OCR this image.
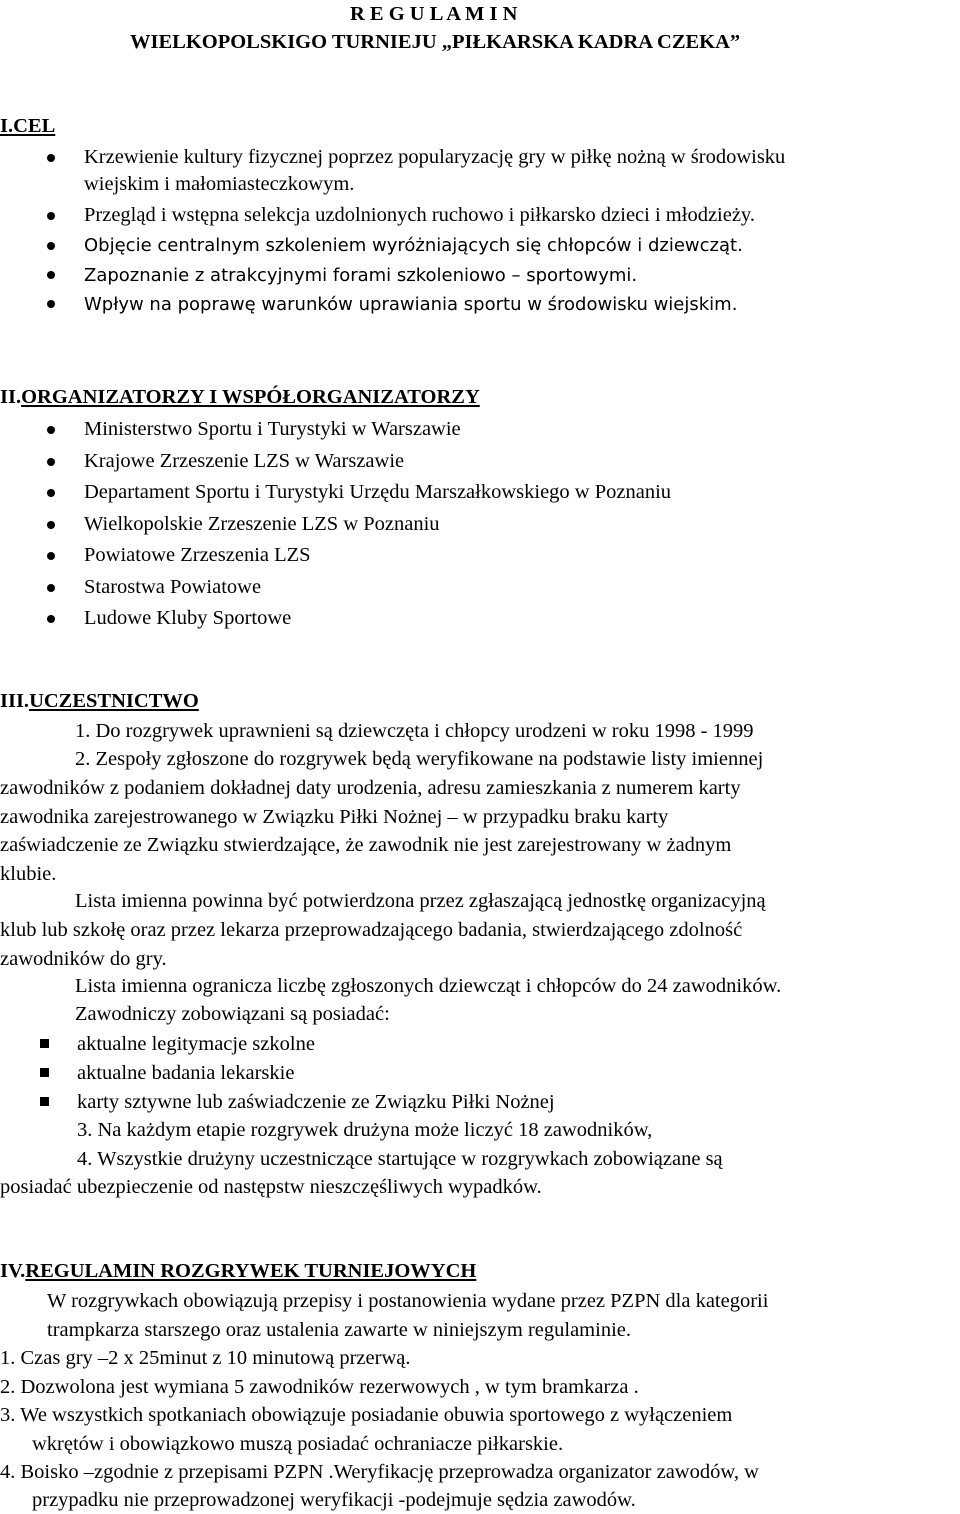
R E G U L A M I N
WIELKOPOLSKIGO TURNIEJU „PIŁKARSKA KADRA CZEKA”
I.CEL
Krzewienie kultury fizycznej poprzez popularyzację gry w piłkę nożną w środowisku
wiejskim i małomiasteczkowym.
Przegląd i wstępna selekcja uzdolnionych ruchowo i piłkarsko dzieci i młodzieży.
Objęcie centralnym szkoleniem wyróżniających się chłopców i dziewcząt.
Zapoznanie z atrakcyjnymi forami szkoleniowo – sportowymi.
Wpływ na poprawę warunków uprawiania sportu w środowisku wiejskim.
II.ORGANIZATORZY I WSPÓŁORGANIZATORZY
Ministerstwo Sportu i Turystyki w Warszawie
Krajowe Zrzeszenie LZS w Warszawie
Departament Sportu i Turystyki Urzędu Marszałkowskiego w Poznaniu
Wielkopolskie Zrzeszenie LZS w Poznaniu
Powiatowe Zrzeszenia LZS
Starostwa Powiatowe
Ludowe Kluby Sportowe
III.UCZESTNICTWO
1. Do rozgrywek uprawnieni są dziewczęta i chłopcy urodzeni w roku 1998 - 1999
2. Zespoły zgłoszone do rozgrywek będą weryfikowane na podstawie listy imiennej
zawodników z podaniem dokładnej daty urodzenia, adresu zamieszkania z numerem karty
zawodnika zarejestrowanego w Związku Piłki Nożnej – w przypadku braku karty
zaświadczenie ze Związku stwierdzające, że zawodnik nie jest zarejestrowany w żadnym
klubie.
Lista imienna powinna być potwierdzona przez zgłaszającą jednostkę organizacyjną
klub lub szkołę oraz przez lekarza przeprowadzającego badania, stwierdzającego zdolność
zawodników do gry.
Lista imienna ogranicza liczbę zgłoszonych dziewcząt i chłopców do 24 zawodników.
Zawodniczy zobowiązani są posiadać:
aktualne legitymacje szkolne
aktualne badania lekarskie
karty sztywne lub zaświadczenie ze Związku Piłki Nożnej
3. Na każdym etapie rozgrywek drużyna może liczyć 18 zawodników,
4. Wszystkie drużyny uczestniczące startujące w rozgrywkach zobowiązane są
posiadać ubezpieczenie od następstw nieszczęśliwych wypadków.
IV.REGULAMIN ROZGRYWEK TURNIEJOWYCH
W rozgrywkach obowiązują przepisy i postanowienia wydane przez PZPN dla kategorii
trampkarza starszego oraz ustalenia zawarte w niniejszym regulaminie.
1. Czas gry –2 x 25minut z 10 minutową przerwą.
2. Dozwolona jest wymiana 5 zawodników rezerwowych , w tym bramkarza .
3. We wszystkich spotkaniach obowiązuje posiadanie obuwia sportowego z wyłączeniem
wkrętów i obowiązkowo muszą posiadać ochraniacze piłkarskie.
4. Boisko –zgodnie z przepisami PZPN .Weryfikację przeprowadza organizator zawodów, w
przypadku nie przeprowadzonej weryfikacji -podejmuje sędzia zawodów.
